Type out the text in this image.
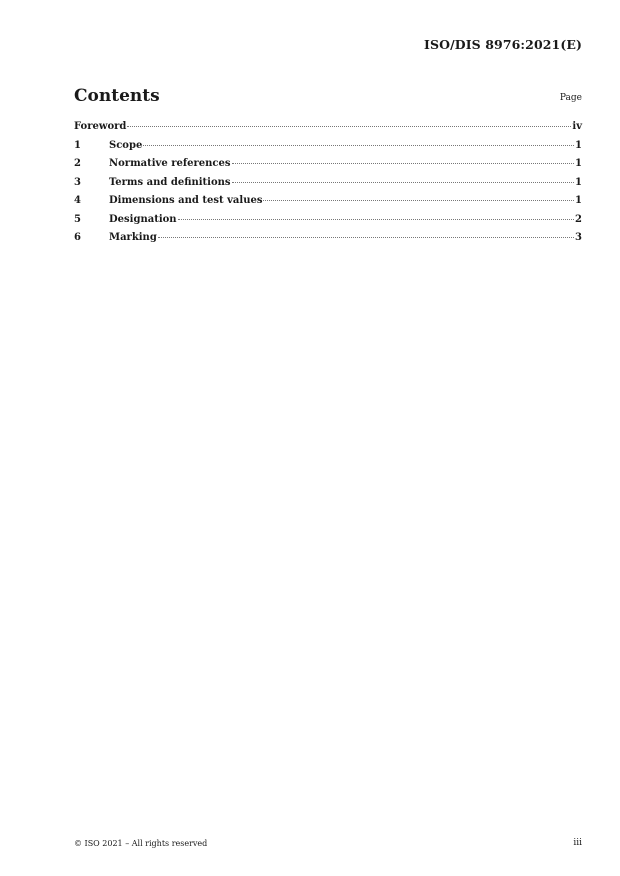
ISO/DIS 8976:2021(E)
Contents	Page
Foreword	iv
1	Scope	1
2	Normative references	1
3	Terms and definitions	1
4	Dimensions and test values	1
5	Designation	2
6	Marking	3
© ISO 2021 – All rights reserved	iii
